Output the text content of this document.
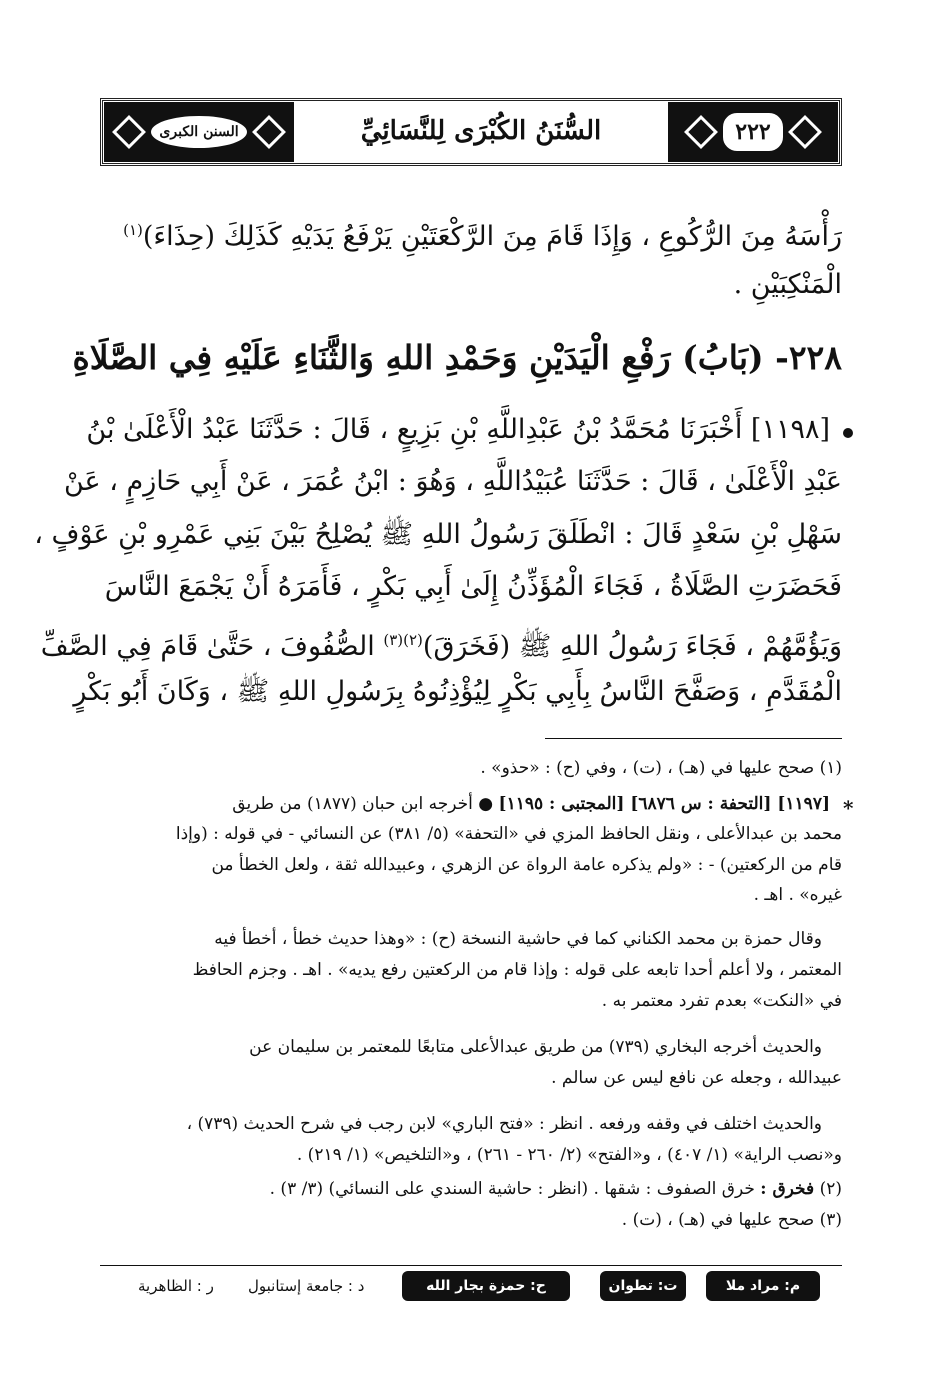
٢٢٢
السُّنَنُ الكُبْرَى لِلنَّسَائِيِّ
السنن الكبرى
رَأْسَهُ مِنَ الرُّكُوعِ ، وَإِذَا قَامَ مِنَ الرَّكْعَتَيْنِ يَرْفَعُ يَدَيْهِ كَذَلِكَ (حِذَاءَ)$^{(١)}$
الْمَنْكِبَيْنِ .
٢٢٨- (بَابُ) رَفْعِ الْيَدَيْنِ وَحَمْدِ اللهِ وَالثَّنَاءِ عَلَيْهِ فِي الصَّلَاةِ
[١١٩٨] أَخْبَرَنَا مُحَمَّدُ بْنُ عَبْدِاللَّهِ بْنِ بَزِيعٍ ، قَالَ : حَدَّثَنَا عَبْدُ الْأَعْلَىٰ بْنُ
عَبْدِ الْأَعْلَىٰ ، قَالَ : حَدَّثَنَا عُبَيْدُاللَّهِ ، وَهُوَ : ابْنُ عُمَرَ ، عَنْ أَبِي حَازِمٍ ، عَنْ
سَهْلِ بْنِ سَعْدٍ قَالَ : انْطَلَقَ رَسُولُ اللهِ ﷺ يُصْلِحُ بَيْنَ بَنِي عَمْرِو بْنِ عَوْفٍ ،
فَحَضَرَتِ الصَّلَاةُ ، فَجَاءَ الْمُؤَذِّنُ إِلَىٰ أَبِي بَكْرٍ ، فَأَمَرَهُ أَنْ يَجْمَعَ النَّاسَ
وَيَؤُمَّهُمْ ، فَجَاءَ رَسُولُ اللهِ ﷺ (فَخَرَقَ)$^{(٢)(٣)}$ الصُّفُوفَ ، حَتَّىٰ قَامَ فِي الصَّفِّ
الْمُقَدَّمِ ، وَصَفَّحَ النَّاسُ بِأَبِي بَكْرٍ لِيُؤْذِنُوهُ بِرَسُولِ اللهِ ﷺ ، وَكَانَ أَبُو بَكْرٍ
(١) صحح عليها في (هـ) ، (ت) ، وفي (ح) : «حذو» .
*
[١١٩٧] [التحفة : س ٦٨٧٦] [المجتبى : ١١٩٥] ● أخرجه ابن حبان (١٨٧٧) من طريق
محمد بن عبدالأعلى ، ونقل الحافظ المزي في «التحفة» (٥/ ٣٨١) عن النسائي - في قوله : (وإذا
قام من الركعتين) - : «ولم يذكره عامة الرواة عن الزهري ، وعبيدالله ثقة ، ولعل الخطأ من
غيره» . اهـ .
وقال حمزة بن محمد الكناني كما في حاشية النسخة (ح) : «وهذا حديث خطأ ، أخطأ فيه
المعتمر ، ولا أعلم أحدا تابعه على قوله : وإذا قام من الركعتين رفع يديه» . اهـ . وجزم الحافظ
في «النكت» بعدم تفرد معتمر به .
والحديث أخرجه البخاري (٧٣٩) من طريق عبدالأعلى متابعًا للمعتمر بن سليمان عن
عبيدالله ، وجعله عن نافع ليس عن سالم .
والحديث اختلف في وقفه ورفعه . انظر : «فتح الباري» لابن رجب في شرح الحديث (٧٣٩) ،
و«نصب الراية» (١/ ٤٠٧) ، و«الفتح» (٢/ ٢٦٠ - ٢٦١) ، و«التلخيص» (١/ ٢١٩) .
(٢) فخرق : خرق الصفوف : شقها . (انظر : حاشية السندي على النسائي) (٣/ ٣) .
(٣) صحح عليها في (هـ) ، (ت) .
م: مراد ملا
ت: تطوان
ح: حمزة بجار الله
د : جامعة إستانبول
ر : الظاهرية
